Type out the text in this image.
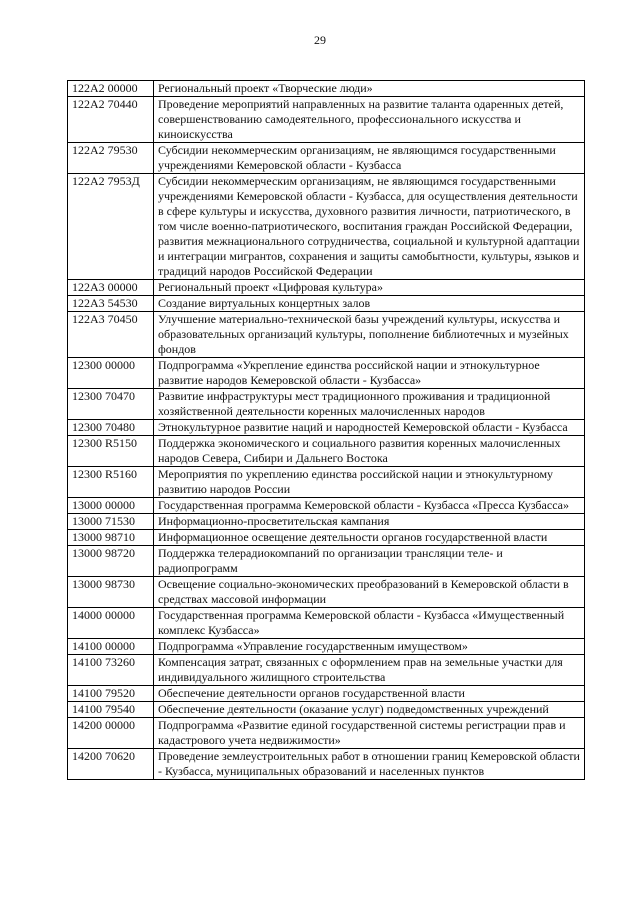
29
122A2 00000	Региональный проект «Творческие люди»
122A2 70440	Проведение мероприятий направленных на развитие таланта одаренных детей, совершенствованию самодеятельного, профессионального искусства и киноискусства
122A2 79530	Субсидии некоммерческим организациям, не являющимся государственными учреждениями Кемеровской области - Кузбасса
122A2 7953Д	Субсидии некоммерческим организациям, не являющимся государственными учреждениями Кемеровской области - Кузбасса, для осуществления деятельности в сфере культуры и искусства, духовного развития личности, патриотического, в том числе военно-патриотического, воспитания граждан Российской Федерации, развития межнационального сотрудничества, социальной и культурной адаптации и интеграции мигрантов, сохранения и защиты самобытности, культуры, языков и традиций народов Российской Федерации
122A3 00000	Региональный проект «Цифровая культура»
122A3 54530	Создание виртуальных концертных залов
122A3 70450	Улучшение материально-технической базы учреждений культуры, искусства и образовательных организаций культуры, пополнение библиотечных и музейных фондов
12300 00000	Подпрограмма «Укрепление единства российской нации и этнокультурное развитие народов Кемеровской области - Кузбасса»
12300 70470	Развитие инфраструктуры мест традиционного проживания и традиционной хозяйственной деятельности коренных малочисленных народов
12300 70480	Этнокультурное развитие наций и народностей Кемеровской области - Кузбасса
12300 R5150	Поддержка экономического и социального развития коренных малочисленных народов Севера, Сибири и Дальнего Востока
12300 R5160	Мероприятия по укреплению единства российской нации и этнокультурному развитию народов России
13000 00000	Государственная программа Кемеровской области - Кузбасса «Пресса Кузбасса»
13000 71530	Информационно-просветительская кампания
13000 98710	Информационное освещение деятельности органов государственной власти
13000 98720	Поддержка телерадиокомпаний по организации трансляции теле- и радиопрограмм
13000 98730	Освещение социально-экономических преобразований в Кемеровской области в средствах массовой информации
14000 00000	Государственная программа Кемеровской области - Кузбасса «Имущественный комплекс Кузбасса»
14100 00000	Подпрограмма «Управление государственным имуществом»
14100 73260	Компенсация затрат, связанных с оформлением прав на земельные участки для индивидуального жилищного строительства
14100 79520	Обеспечение деятельности органов государственной власти
14100 79540	Обеспечение деятельности (оказание услуг) подведомственных учреждений
14200 00000	Подпрограмма «Развитие единой государственной системы регистрации прав и кадастрового учета недвижимости»
14200 70620	Проведение землеустроительных работ в отношении границ Кемеровской области - Кузбасса, муниципальных образований и населенных пунктов
